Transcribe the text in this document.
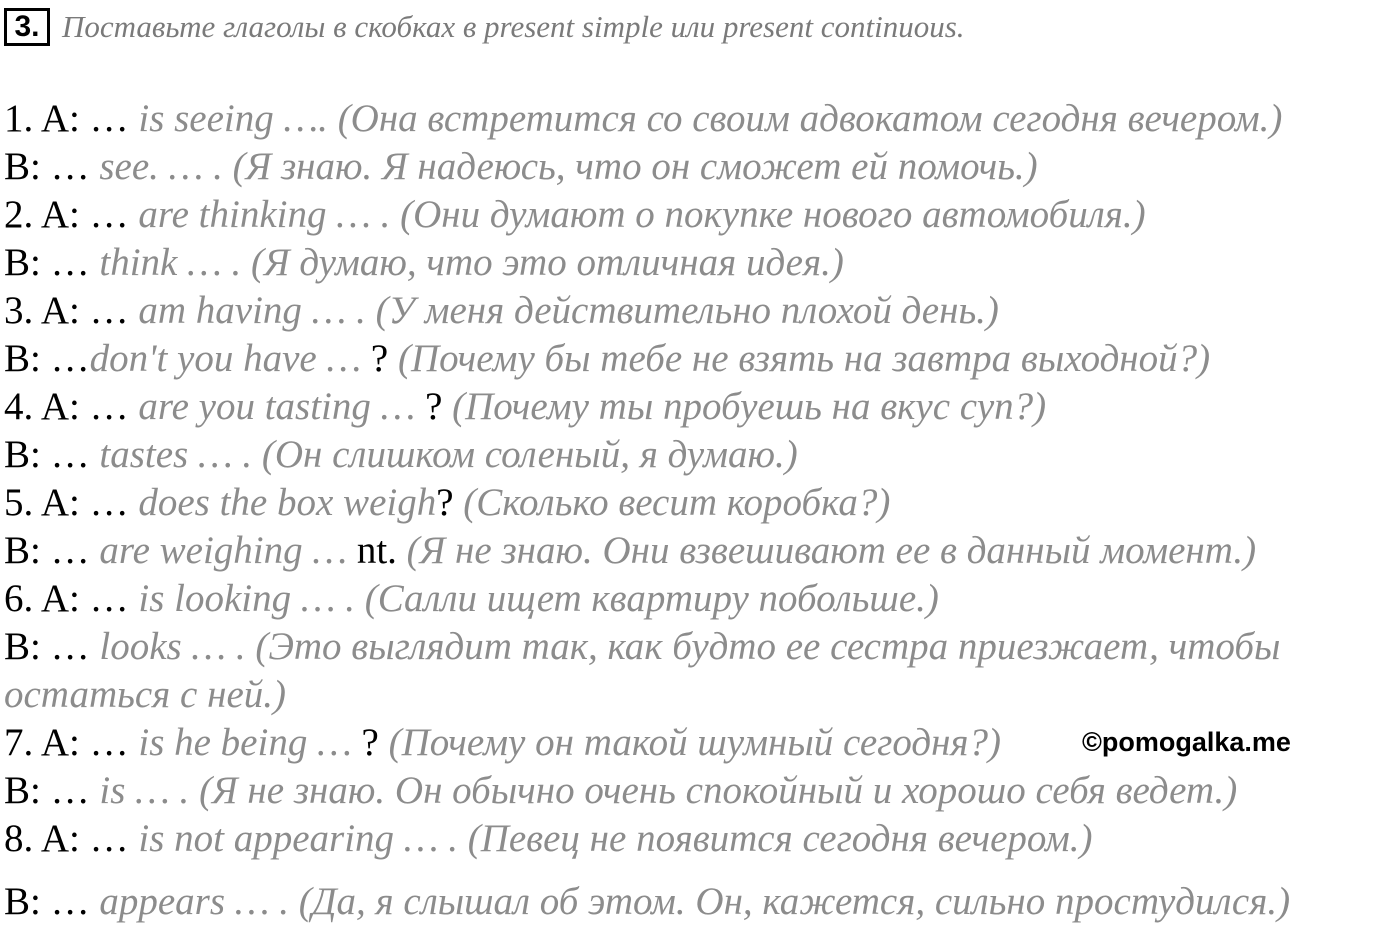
3. Поставьте глаголы в скобках в present simple или present continuous.
1. A: … is seeing …. (Она встретится со своим адвокатом сегодня вечером.)
B: … see. … . (Я знаю. Я надеюсь, что он сможет ей помочь.)
2. A: … are thinking … . (Они думают о покупке нового автомобиля.)
B: … think … . (Я думаю, что это отличная идея.)
3. A: … am having … . (У меня действительно плохой день.)
B: …don't you have … ? (Почему бы тебе не взять на завтра выходной?)
4. A: … are you tasting … ? (Почему ты пробуешь на вкус суп?)
B: … tastes … . (Он слишком соленый, я думаю.)
5. A: … does the box weigh? (Сколько весит коробка?)
B: … are weighing … nt. (Я не знаю. Они взвешивают ее в данный момент.)
6. A: … is looking … . (Салли ищет квартиру побольше.)
B: … looks … . (Это выглядит так, как будто ее сестра приезжает, чтобы
остаться с ней.)
7. A: … is he being … ? (Почему он такой шумный сегодня?)
B: … is … . (Я не знаю. Он обычно очень спокойный и хорошо себя ведет.)
8. A: … is not appearing … . (Певец не появится сегодня вечером.)
B: … appears … . (Да, я слышал об этом. Он, кажется, сильно простудился.)
©pomogalka.me
